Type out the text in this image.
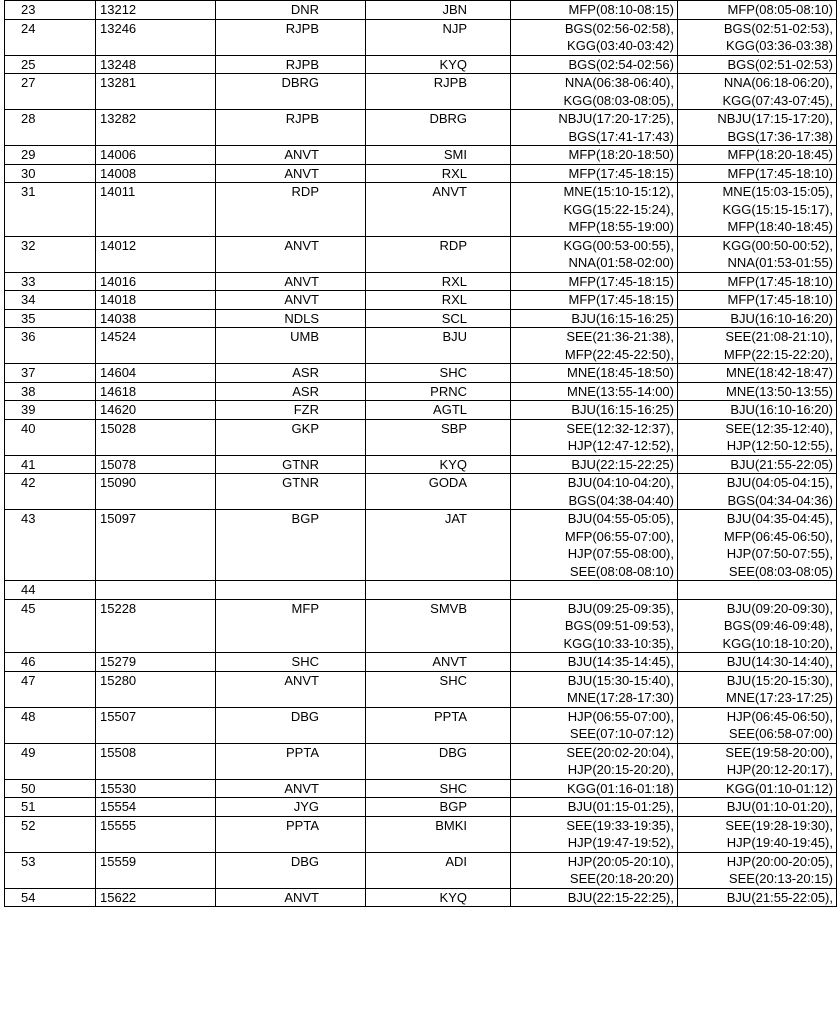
23	13212	DNR	JBN	MFP(08:10-08:15)	MFP(08:05-08:10)

24	13246	RJPB	NJP	BGS(02:56-02:58),
KGG(03:40-03:42)	BGS(02:51-02:53),
KGG(03:36-03:38)

25	13248	RJPB	KYQ	BGS(02:54-02:56)	BGS(02:51-02:53)

27	13281	DBRG	RJPB	NNA(06:38-06:40),
KGG(08:03-08:05),	NNA(06:18-06:20),
KGG(07:43-07:45),

28	13282	RJPB	DBRG	NBJU(17:20-17:25),
BGS(17:41-17:43)	NBJU(17:15-17:20),
BGS(17:36-17:38)

29	14006	ANVT	SMI	MFP(18:20-18:50)	MFP(18:20-18:45)

30	14008	ANVT	RXL	MFP(17:45-18:15)	MFP(17:45-18:10)

31	14011	RDP	ANVT	MNE(15:10-15:12),
KGG(15:22-15:24),
MFP(18:55-19:00)	MNE(15:03-15:05),
KGG(15:15-15:17),
MFP(18:40-18:45)

32	14012	ANVT	RDP	KGG(00:53-00:55),
NNA(01:58-02:00)	KGG(00:50-00:52),
NNA(01:53-01:55)

33	14016	ANVT	RXL	MFP(17:45-18:15)	MFP(17:45-18:10)

34	14018	ANVT	RXL	MFP(17:45-18:15)	MFP(17:45-18:10)

35	14038	NDLS	SCL	BJU(16:15-16:25)	BJU(16:10-16:20)

36	14524	UMB	BJU	SEE(21:36-21:38),
MFP(22:45-22:50),	SEE(21:08-21:10),
MFP(22:15-22:20),

37	14604	ASR	SHC	MNE(18:45-18:50)	MNE(18:42-18:47)

38	14618	ASR	PRNC	MNE(13:55-14:00)	MNE(13:50-13:55)

39	14620	FZR	AGTL	BJU(16:15-16:25)	BJU(16:10-16:20)

40	15028	GKP	SBP	SEE(12:32-12:37),
HJP(12:47-12:52),	SEE(12:35-12:40),
HJP(12:50-12:55),

41	15078	GTNR	KYQ	BJU(22:15-22:25)	BJU(21:55-22:05)

42	15090	GTNR	GODA	BJU(04:10-04:20),
BGS(04:38-04:40)	BJU(04:05-04:15),
BGS(04:34-04:36)

43	15097	BGP	JAT	BJU(04:55-05:05),
MFP(06:55-07:00),
HJP(07:55-08:00),
SEE(08:08-08:10)	BJU(04:35-04:45),
MFP(06:45-06:50),
HJP(07:50-07:55),
SEE(08:03-08:05)

44				

45	15228	MFP	SMVB	BJU(09:25-09:35),
BGS(09:51-09:53),
KGG(10:33-10:35),	BJU(09:20-09:30),
BGS(09:46-09:48),
KGG(10:18-10:20),

46	15279	SHC	ANVT	BJU(14:35-14:45),	BJU(14:30-14:40),

47	15280	ANVT	SHC	BJU(15:30-15:40),
MNE(17:28-17:30)	BJU(15:20-15:30),
MNE(17:23-17:25)

48	15507	DBG	PPTA	HJP(06:55-07:00),
SEE(07:10-07:12)	HJP(06:45-06:50),
SEE(06:58-07:00)

49	15508	PPTA	DBG	SEE(20:02-20:04),
HJP(20:15-20:20),	SEE(19:58-20:00),
HJP(20:12-20:17),

50	15530	ANVT	SHC	KGG(01:16-01:18)	KGG(01:10-01:12)

51	15554	JYG	BGP	BJU(01:15-01:25),	BJU(01:10-01:20),

52	15555	PPTA	BMKI	SEE(19:33-19:35),
HJP(19:47-19:52),	SEE(19:28-19:30),
HJP(19:40-19:45),

53	15559	DBG	ADI	HJP(20:05-20:10),
SEE(20:18-20:20)	HJP(20:00-20:05),
SEE(20:13-20:15)

54	15622	ANVT	KYQ	BJU(22:15-22:25),	BJU(21:55-22:05),
